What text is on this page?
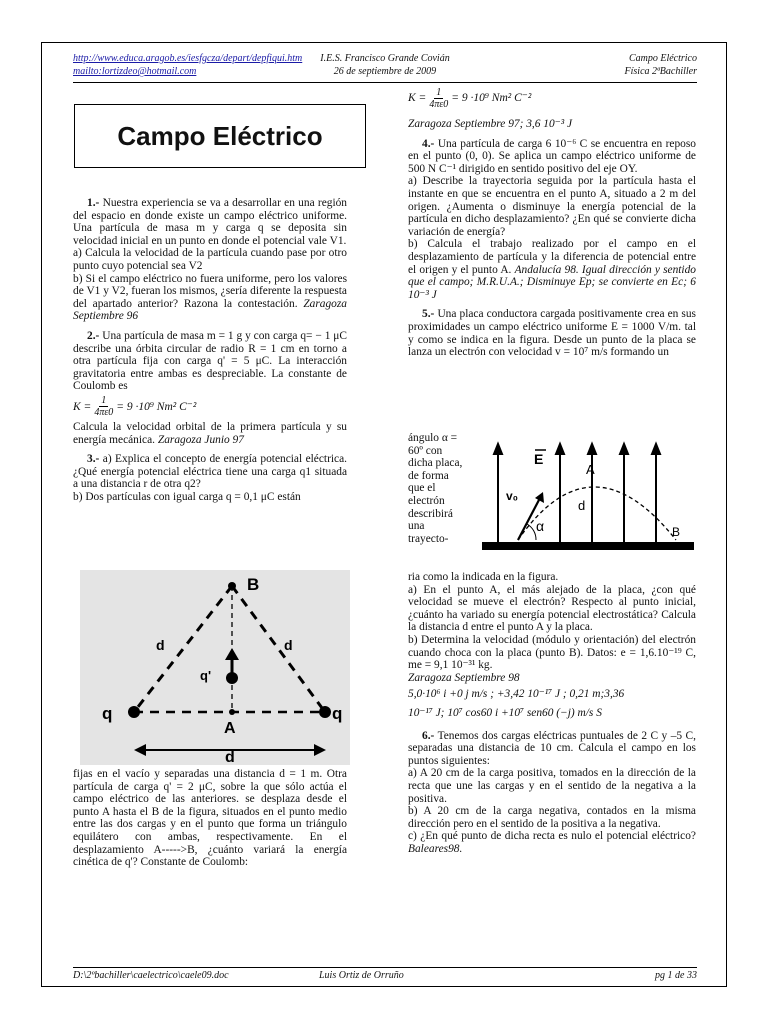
http://www.educa.aragob.es/iesfgcza/depart/depfiqui.htm
mailto:lortizdeo@hotmail.com
I.E.S. Francisco Grande Covián
26 de septiembre de 2009
Campo Eléctrico
Física 2ªBachiller
Campo Eléctrico

1.- Nuestra experiencia se va a desarrollar en una región del espacio en donde existe un campo eléctrico uniforme. Una partícula de masa m y carga q se deposita sin velocidad inicial en un punto en donde el potencial vale V1.

a) Calcula la velocidad de la partícula cuando pase por otro punto cuyo potencial sea V2

b) Si el campo eléctrico no fuera uniforme, pero los valores de V1 y V2, fueran los mismos, ¿sería diferente la respuesta del apartado anterior? Razona la contestación. Zaragoza Septiembre 96

2.- Una partícula de masa m = 1 g y con carga q= − 1 μC describe una órbita circular de radio R = 1 cm en torno a otra partícula fija con carga q' = 5 μC. La interacción gravitatoria entre ambas es despreciable. La constante de Coulomb es

$K = \frac{1}{4\pi\varepsilon 0} = 9 \cdot 10^9$ Nm² C⁻²

Calcula la velocidad orbital de la primera partícula y su energía mecánica. Zaragoza Junio 97

3.- a) Explica el concepto de energía potencial eléctrica. ¿Qué energía potencial eléctrica tiene una carga q1 situada a una distancia r de otra q2?

b) Dos partículas con igual carga q = 0,1 μC están

B
q	q
q'
A
d
d	d

fijas en el vacío y separadas una distancia d = 1 m. Otra partícula de carga q' = 2 μC, sobre la que sólo actúa el campo eléctrico de las anteriores. se desplaza desde el punto A hasta el B de la figura, situados en el punto medio entre las dos cargas y en el punto que forma un triángulo equilátero con ambas, respectivamente. En el desplazamiento A----->B, ¿cuánto variará la energía cinética de q'? Constante de Coulomb:

$K = \frac{1}{4\pi\varepsilon 0} = 9 \cdot 10^9$ Nm² C⁻²

Zaragoza Septiembre 97; 3,6 10⁻³ J

4.- Una partícula de carga 6 10⁻⁶ C se encuentra en reposo en el punto (0, 0). Se aplica un campo eléctrico uniforme de 500 N C⁻¹ dirigido en sentido positivo del eje OY.

a) Describe la trayectoria seguida por la partícula hasta el instante en que se encuentra en el punto A, situado a 2 m del origen. ¿Aumenta o disminuye la energía potencial de la partícula en dicho desplazamiento? ¿En qué se convierte dicha variación de energía?

b) Calcula el trabajo realizado por el campo en el desplazamiento de partícula y la diferencia de potencial entre el origen y el punto A. Andalucía 98. Igual dirección y sentido que el campo; M.R.U.A.; Disminuye Ep; se convierte en Ec; 6 10⁻³ J

5.- Una placa conductora cargada positivamente crea en sus proximidades un campo eléctrico uniforme E = 1000 V/m. tal y como se indica en la figura. Desde un punto de la placa se lanza un electrón con velocidad v = 10⁷ m/s formando un

ángulo α = 60º con dicha placa, de forma que el electrón describirá una trayecto-
E
A
v₀
d
α	B

ria como la indicada en la figura.

a) En el punto A, el más alejado de la placa, ¿con qué velocidad se mueve el electrón? Respecto al punto inicial, ¿cuánto ha variado su energía potencial electrostática? Calcula la distancia d entre el punto A y la placa.

b) Determina la velocidad (módulo y orientación) del electrón cuando choca con la placa (punto B). Datos: e = 1,6.10⁻¹⁹ C, me = 9,1 10⁻³¹ kg.

Zaragoza Septiembre 98

5,0·10⁶ i +0 j m/s ; +3,42 10⁻¹⁷ J ; 0,21 m;3,36

10⁻¹⁷ J; 10⁷ cos60 i +10⁷ sen60 (−j) m/s S

6.- Tenemos dos cargas eléctricas puntuales de 2 C y –5 C, separadas una distancia de 10 cm. Calcula el campo en los puntos siguientes:

a) A 20 cm de la carga positiva, tomados en la dirección de la recta que une las cargas y en el sentido de la negativa a la positiva.

b) A 20 cm de la carga negativa, contados en la misma dirección pero en el sentido de la positiva a la negativa.

c) ¿En qué punto de dicha recta es nulo el potencial eléctrico? Baleares98.

D:\2ºbachiller\caelectrico\caele09.doc	Luis Ortiz de Orruño	pg 1 de 33
